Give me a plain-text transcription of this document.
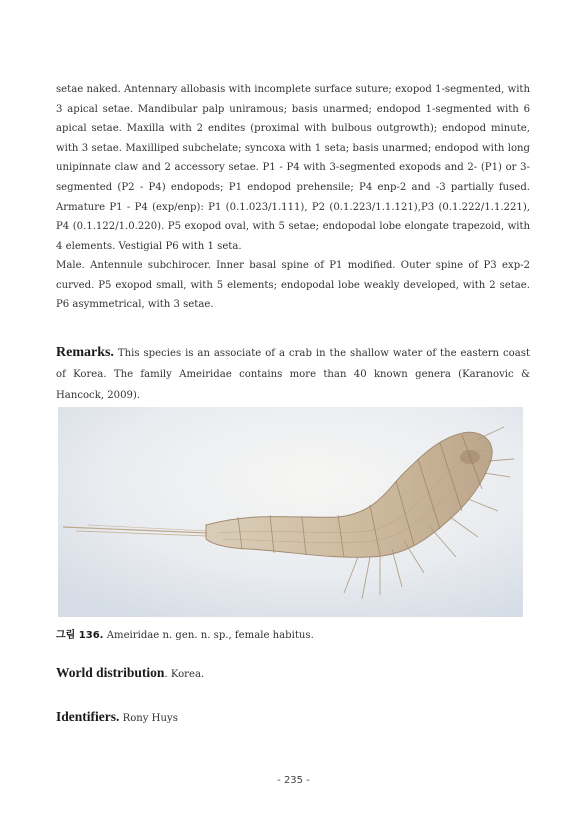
setae naked. Antennary allobasis with incomplete surface suture; exopod 1-segmented, with 3 apical setae. Mandibular palp uniramous; basis unarmed; endopod 1-segmented with 6 apical setae. Maxilla with 2 endites (proximal with bulbous outgrowth); endopod minute, with 3 setae. Maxilliped subchelate; syncoxa with 1 seta; basis unarmed; endopod with long unipinnate claw and 2 accessory setae. P1 - P4 with 3-segmented exopods and 2- (P1) or 3-segmented (P2 - P4) endopods; P1 endopod prehensile; P4 enp-2 and -3 partially fused. Armature P1 - P4 (exp/enp): P1 (0.1.023/1.111), P2 (0.1.223/1.1.121),P3 (0.1.222/1.1.221), P4 (0.1.122/1.0.220). P5 exopod oval, with 5 setae; endopodal lobe elongate trapezoid, with 4 elements. Vestigial P6 with 1 seta.

Male. Antennule subchirocer. Inner basal spine of P1 modified. Outer spine of P3 exp-2 curved. P5 exopod small, with 5 elements; endopodal lobe weakly developed, with 2 setae. P6 asymmetrical, with 3 setae.

Remarks. This species is an associate of a crab in the shallow water of the eastern coast of Korea. The family Ameiridae contains more than 40 known genera (Karanovic & Hancock, 2009).

그림 136. Ameiridae n. gen. n. sp., female habitus.

World distribution. Korea.

Identifiers. Rony Huys

- 235 -
